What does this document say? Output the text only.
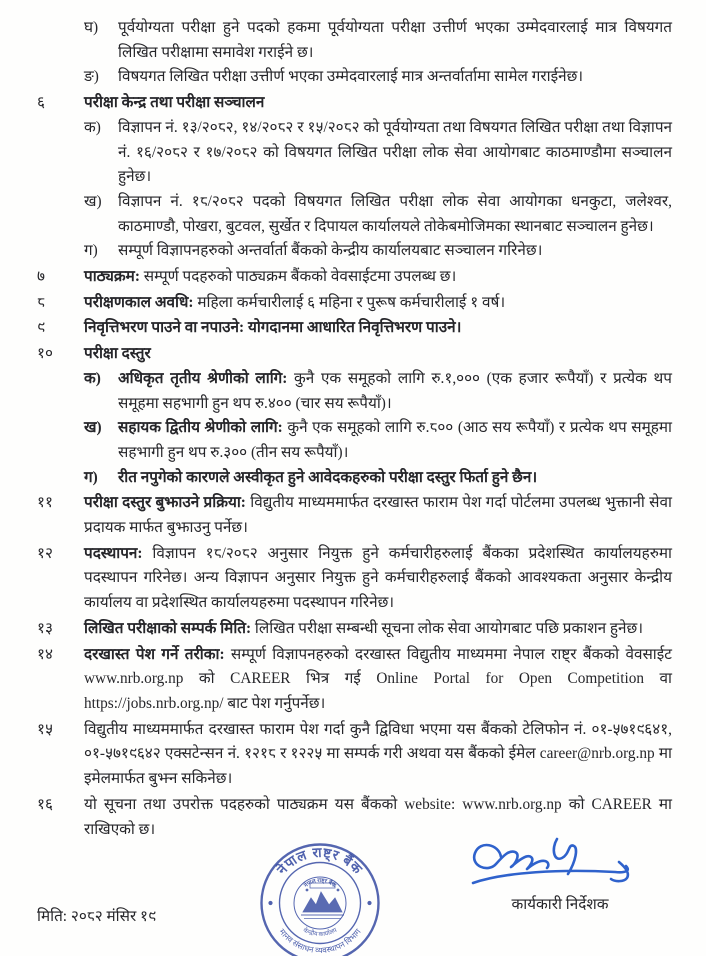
घ)	पूर्वयोग्यता परीक्षा हुने पदको हकमा पूर्वयोग्यता परीक्षा उत्तीर्ण भएका उम्मेदवारलाई मात्र विषयगत लिखित परीक्षामा समावेश गराईने छ।
ङ)	विषयगत लिखित परीक्षा उत्तीर्ण भएका उम्मेदवारलाई मात्र अन्तर्वार्तामा सामेल गराईनेछ।
६	परीक्षा केन्द्र तथा परीक्षा सञ्चालन
क)	विज्ञापन नं. १३/२०८२, १४/२०८२ र १५/२०८२ को पूर्वयोग्यता तथा विषयगत लिखित परीक्षा तथा विज्ञापन नं. १६/२०८२ र १७/२०८२ को विषयगत लिखित परीक्षा लोक सेवा आयोगबाट काठमाण्डौमा सञ्चालन हुनेछ।
ख)	विज्ञापन नं. १८/२०८२ पदको विषयगत लिखित परीक्षा लोक सेवा आयोगका धनकुटा, जलेश्वर, काठमाण्डौ, पोखरा, बुटवल, सुर्खेत र दिपायल कार्यालयले तोकेबमोजिमका स्थानबाट सञ्चालन हुनेछ।
ग)	सम्पूर्ण विज्ञापनहरुको अन्तर्वार्ता बैंकको केन्द्रीय कार्यालयबाट सञ्चालन गरिनेछ।
७	पाठ्यक्रम: सम्पूर्ण पदहरुको पाठ्यक्रम बैंकको वेवसाईटमा उपलब्ध छ।
८	परीक्षणकाल अवधि: महिला कर्मचारीलाई ६ महिना र पुरूष कर्मचारीलाई १ वर्ष।
९	निवृत्तिभरण पाउने वा नपाउने: योगदानमा आधारित निवृत्तिभरण पाउने।
१०	परीक्षा दस्तुर
क)	अधिकृत तृतीय श्रेणीको लागि: कुनै एक समूहको लागि रु.१,००० (एक हजार रूपैयाँ) र प्रत्येक थप समूहमा सहभागी हुन थप रु.४०० (चार सय रूपैयाँ)।
ख)	सहायक द्वितीय श्रेणीको लागि: कुनै एक समूहको लागि रु.८०० (आठ सय रूपैयाँ) र प्रत्येक थप समूहमा सहभागी हुन थप रु.३०० (तीन सय रूपैयाँ)।
ग)	रीत नपुगेको कारणले अस्वीकृत हुने आवेदकहरुको परीक्षा दस्तुर फिर्ता हुने छैन।
११	परीक्षा दस्तुर बुझाउने प्रक्रिया: विद्युतीय माध्यममार्फत दरखास्त फाराम पेश गर्दा पोर्टलमा उपलब्ध भुक्तानी सेवा प्रदायक मार्फत बुझाउनु पर्नेछ।
१२	पदस्थापन: विज्ञापन १८/२०८२ अनुसार नियुक्त हुने कर्मचारीहरुलाई बैंकका प्रदेशस्थित कार्यालयहरुमा पदस्थापन गरिनेछ। अन्य विज्ञापन अनुसार नियुक्त हुने कर्मचारीहरुलाई बैंकको आवश्यकता अनुसार केन्द्रीय कार्यालय वा प्रदेशस्थित कार्यालयहरुमा पदस्थापन गरिनेछ।
१३	लिखित परीक्षाको सम्पर्क मिति: लिखित परीक्षा सम्बन्धी सूचना लोक सेवा आयोगबाट पछि प्रकाशन हुनेछ।
१४	दरखास्त पेश गर्ने तरीका: सम्पूर्ण विज्ञापनहरुको दरखास्त विद्युतीय माध्यममा नेपाल राष्ट्र बैंकको वेवसाईट www.nrb.org.np को CAREER भित्र गई Online Portal for Open Competition वा https://jobs.nrb.org.np/ बाट पेश गर्नुपर्नेछ।
१५	विद्युतीय माध्यममार्फत दरखास्त फाराम पेश गर्दा कुनै द्विविधा भएमा यस बैंकको टेलिफोन नं. ०१-५७१९६४१, ०१-५७१९६४२ एक्सटेन्सन नं. १२१८ र १२२५ मा सम्पर्क गरी अथवा यस बैंकको ईमेल career@nrb.org.np मा इमेलमार्फत बुझ्न सकिनेछ।
१६	यो सूचना तथा उपरोक्त पदहरुको पाठ्यक्रम यस बैंकको website: www.nrb.org.np को CAREER मा राखिएको छ।
मिति: २०८२ मंसिर १९
नेपाल राष्ट्र बैंक
मानव संसाधन व्यवस्थापन विभाग
नेपाल राष्ट्र बैंक
केन्द्रीय कार्यालय
कार्यकारी निर्देशक
